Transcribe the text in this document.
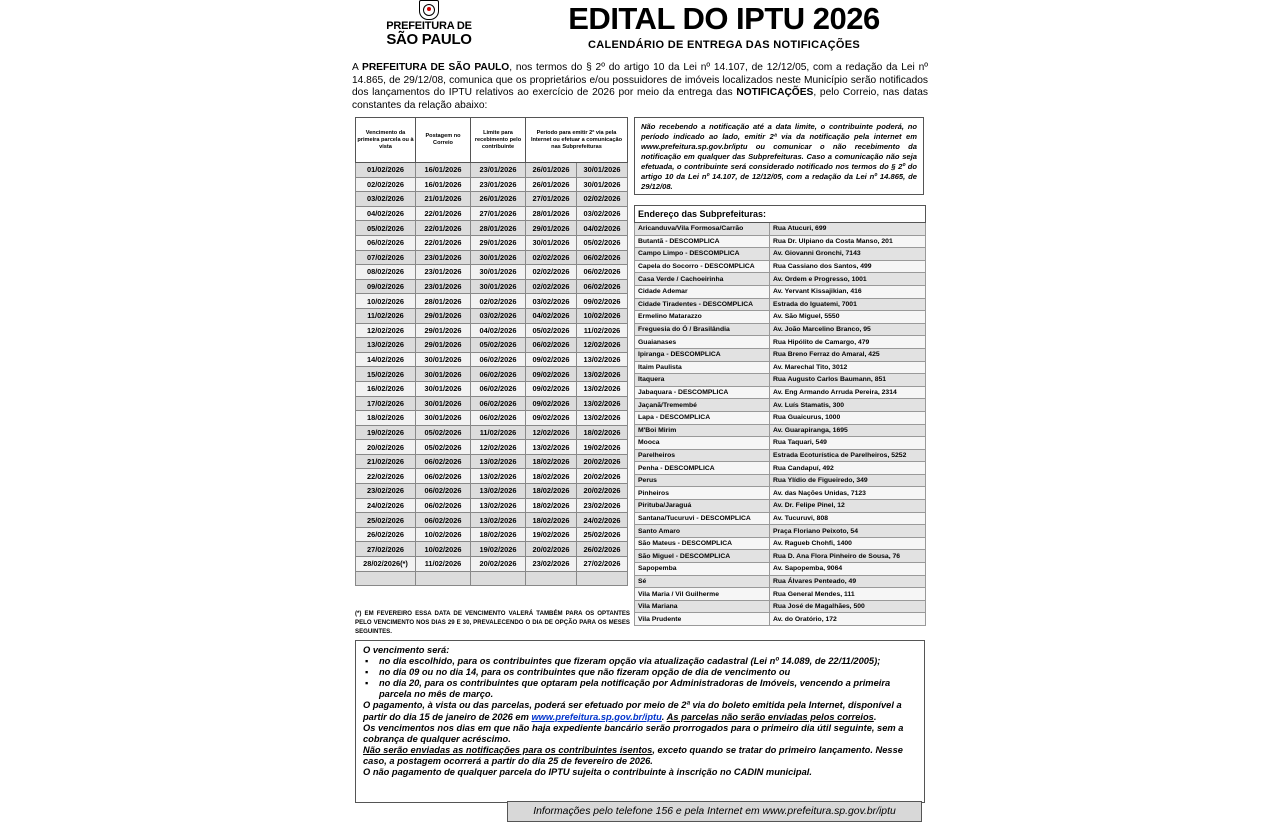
PREFEITURA DE
SÃO PAULO
EDITAL DO IPTU 2026
CALENDÁRIO DE ENTREGA DAS NOTIFICAÇÕES
A PREFEITURA DE SÃO PAULO, nos termos do § 2º do artigo 10 da Lei nº 14.107, de 12/12/05, com a redação da Lei nº 14.865, de 29/12/08, comunica que os proprietários e/ou possuidores de imóveis localizados neste Município serão notificados dos lançamentos do IPTU relativos ao exercício de 2026 por meio da entrega das NOTIFICAÇÕES, pelo Correio, nas datas constantes da relação abaixo:
Vencimento da primeira parcela ou à vista	Postagem no Correio	Limite para recebimento pelo contribuinte	Período para emitir 2ª via pela Internet ou efetuar a comunicação nas Subprefeituras	
01/02/2026	16/01/2026	23/01/2026	26/01/2026	30/01/2026
02/02/2026	16/01/2026	23/01/2026	26/01/2026	30/01/2026
03/02/2026	21/01/2026	26/01/2026	27/01/2026	02/02/2026
04/02/2026	22/01/2026	27/01/2026	28/01/2026	03/02/2026
05/02/2026	22/01/2026	28/01/2026	29/01/2026	04/02/2026
06/02/2026	22/01/2026	29/01/2026	30/01/2026	05/02/2026
07/02/2026	23/01/2026	30/01/2026	02/02/2026	06/02/2026
08/02/2026	23/01/2026	30/01/2026	02/02/2026	06/02/2026
09/02/2026	23/01/2026	30/01/2026	02/02/2026	06/02/2026
10/02/2026	28/01/2026	02/02/2026	03/02/2026	09/02/2026
11/02/2026	29/01/2026	03/02/2026	04/02/2026	10/02/2026
12/02/2026	29/01/2026	04/02/2026	05/02/2026	11/02/2026
13/02/2026	29/01/2026	05/02/2026	06/02/2026	12/02/2026
14/02/2026	30/01/2026	06/02/2026	09/02/2026	13/02/2026
15/02/2026	30/01/2026	06/02/2026	09/02/2026	13/02/2026
16/02/2026	30/01/2026	06/02/2026	09/02/2026	13/02/2026
17/02/2026	30/01/2026	06/02/2026	09/02/2026	13/02/2026
18/02/2026	30/01/2026	06/02/2026	09/02/2026	13/02/2026
19/02/2026	05/02/2026	11/02/2026	12/02/2026	18/02/2026
20/02/2026	05/02/2026	12/02/2026	13/02/2026	19/02/2026
21/02/2026	06/02/2026	13/02/2026	18/02/2026	20/02/2026
22/02/2026	06/02/2026	13/02/2026	18/02/2026	20/02/2026
23/02/2026	06/02/2026	13/02/2026	18/02/2026	20/02/2026
24/02/2026	06/02/2026	13/02/2026	18/02/2026	23/02/2026
25/02/2026	06/02/2026	13/02/2026	18/02/2026	24/02/2026
26/02/2026	10/02/2026	18/02/2026	19/02/2026	25/02/2026
27/02/2026	10/02/2026	19/02/2026	20/02/2026	26/02/2026
28/02/2026(*)	11/02/2026	20/02/2026	23/02/2026	27/02/2026

(*) EM FEVEREIRO ESSA DATA DE VENCIMENTO VALERÁ TAMBÉM PARA OS OPTANTES PELO VENCIMENTO NOS DIAS 29 E 30, PREVALECENDO O DIA DE OPÇÃO PARA OS MESES SEGUINTES.
Não recebendo a notificação até a data limite, o contribuinte poderá, no período indicado ao lado, emitir 2ª via da notificação pela internet em www.prefeitura.sp.gov.br/iptu ou comunicar o não recebimento da notificação em qualquer das Subprefeituras. Caso a comunicação não seja efetuada, o contribuinte será considerado notificado nos termos do § 2º do artigo 10 da Lei nº 14.107, de 12/12/05, com a redação da Lei nº 14.865, de 29/12/08.
Endereço das Subprefeituras:	
Aricanduva/Vila Formosa/Carrão	Rua Atucuri, 699
Butantã - DESCOMPLICA	Rua Dr. Ulpiano da Costa Manso, 201
Campo Limpo - DESCOMPLICA	Av. Giovanni Gronchi, 7143
Capela do Socorro - DESCOMPLICA	Rua Cassiano dos Santos, 499
Casa Verde / Cachoeirinha	Av. Ordem e Progresso, 1001
Cidade Ademar	Av. Yervant Kissajikian, 416
Cidade Tiradentes - DESCOMPLICA	Estrada do Iguatemi, 7001
Ermelino Matarazzo	Av. São Miguel, 5550
Freguesia do Ó / Brasilândia	Av. João Marcelino Branco, 95
Guaianases	Rua Hipólito de Camargo, 479
Ipiranga - DESCOMPLICA	Rua Breno Ferraz do Amaral, 425
Itaim Paulista	Av. Marechal Tito, 3012
Itaquera	Rua Augusto Carlos Baumann, 851
Jabaquara - DESCOMPLICA	Av. Eng Armando Arruda Pereira, 2314
Jaçanã/Tremembé	Av. Luís Stamatis, 300
Lapa - DESCOMPLICA	Rua Guaicurus, 1000
M'Boi Mirim	Av. Guarapiranga, 1695
Mooca	Rua Taquari, 549
Parelheiros	Estrada Ecoturística de Parelheiros, 5252
Penha - DESCOMPLICA	Rua Candapuí, 492
Perus	Rua Ylídio de Figueiredo, 349
Pinheiros	Av. das Nações Unidas, 7123
Pirituba/Jaraguá	Av. Dr. Felipe Pinel, 12
Santana/Tucuruvi - DESCOMPLICA	Av. Tucuruvi, 808
Santo Amaro	Praça Floriano Peixoto, 54
São Mateus - DESCOMPLICA	Av. Ragueb Chohfi, 1400
São Miguel - DESCOMPLICA	Rua D. Ana Flora Pinheiro de Sousa, 76
Sapopemba	Av. Sapopemba, 9064
Sé	Rua Álvares Penteado, 49
Vila Maria / Vil Guilherme	Rua General Mendes, 111
Vila Mariana	Rua José de Magalhães, 500
Vila Prudente	Av. do Oratório, 172

O vencimento será:

▪ no dia escolhido, para os contribuintes que fizeram opção via atualização cadastral (Lei nº 14.089, de 22/11/2005);
▪ no dia 09 ou no dia 14, para os contribuintes que não fizeram opção de dia de vencimento ou
▪ no dia 20, para os contribuintes que optaram pela notificação por Administradoras de Imóveis, vencendo a primeira parcela no mês de março.

O pagamento, à vista ou das parcelas, poderá ser efetuado por meio de 2ª via do boleto emitida pela Internet, disponível a partir do dia 15 de janeiro de 2026 em www.prefeitura.sp.gov.br/iptu. As parcelas não serão enviadas pelos correios.

Os vencimentos nos dias em que não haja expediente bancário serão prorrogados para o primeiro dia útil seguinte, sem a cobrança de qualquer acréscimo.

Não serão enviadas as notificações para os contribuintes isentos, exceto quando se tratar do primeiro lançamento. Nesse caso, a postagem ocorrerá a partir do dia 25 de fevereiro de 2026.

O não pagamento de qualquer parcela do IPTU sujeita o contribuinte à inscrição no CADIN municipal.

Informações pelo telefone 156 e pela Internet em www.prefeitura.sp.gov.br/iptu
